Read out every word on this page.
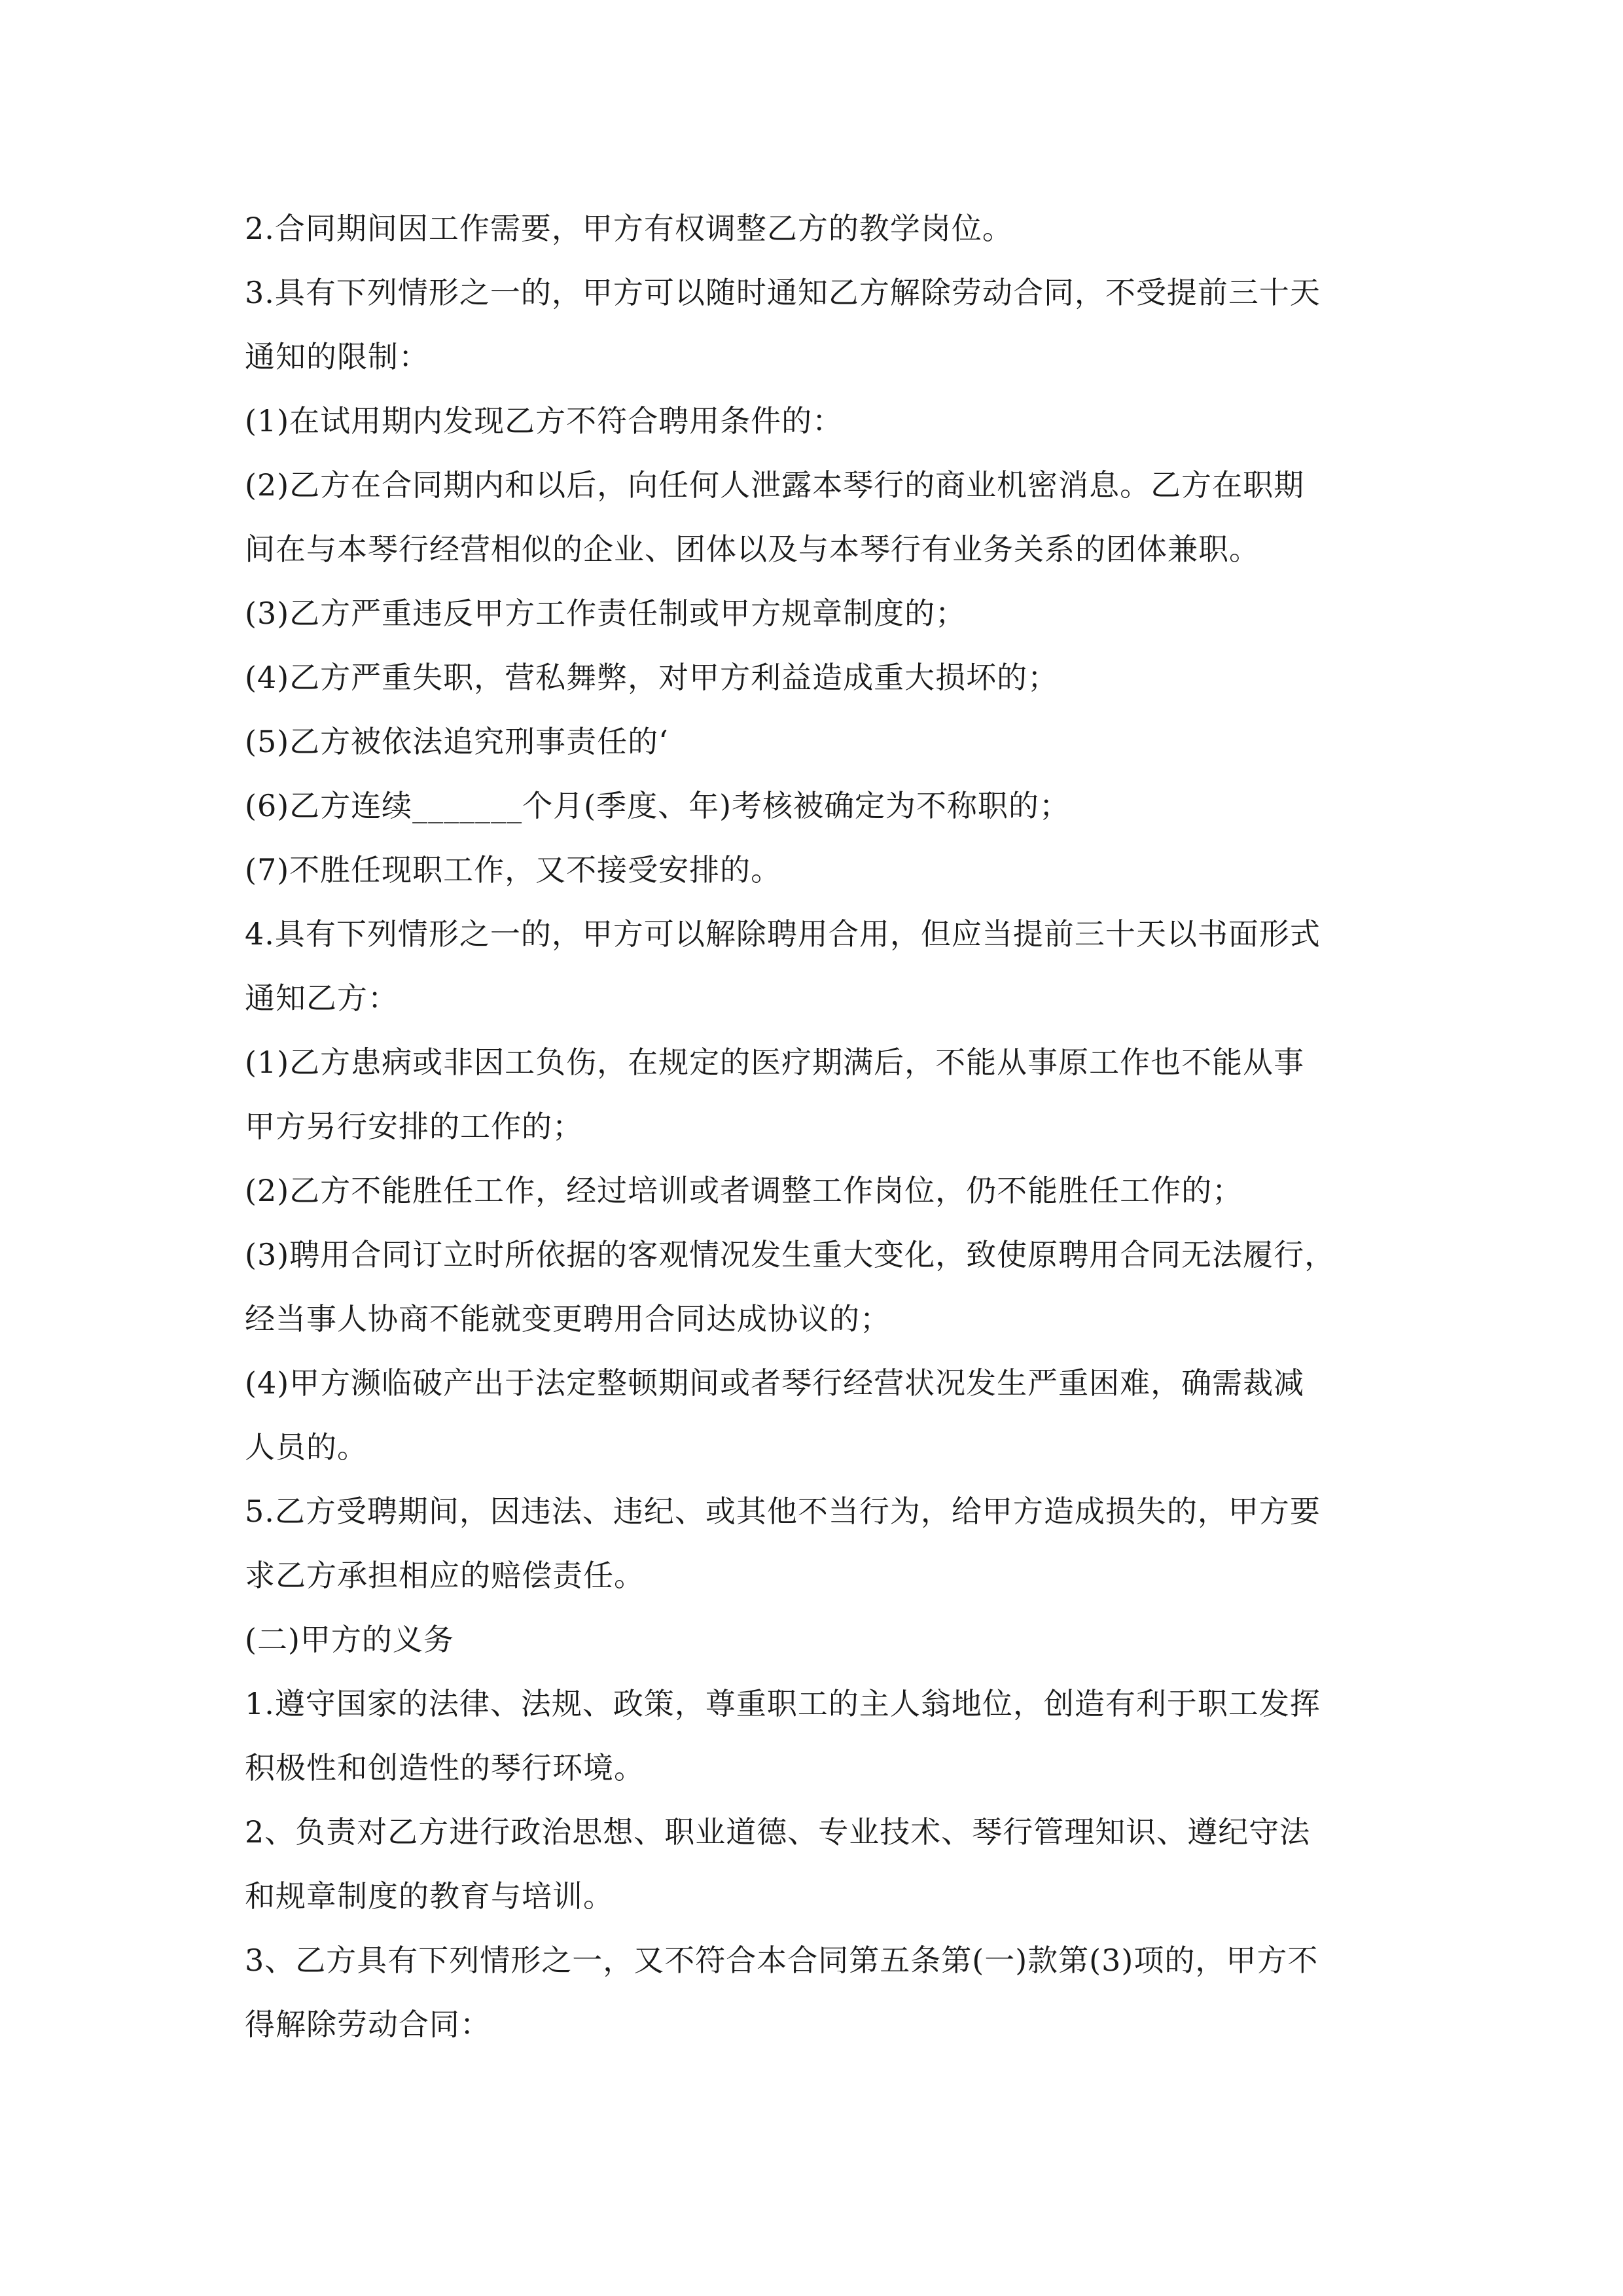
2.合同期间因工作需要，甲方有权调整乙方的教学岗位。
3.具有下列情形之一的，甲方可以随时通知乙方解除劳动合同，不受提前三十天
通知的限制：
(1)在试用期内发现乙方不符合聘用条件的：
(2)乙方在合同期内和以后，向任何人泄露本琴行的商业机密消息。乙方在职期
间在与本琴行经营相似的企业、团体以及与本琴行有业务关系的团体兼职。
(3)乙方严重违反甲方工作责任制或甲方规章制度的；
(4)乙方严重失职，营私舞弊，对甲方利益造成重大损坏的；
(5)乙方被依法追究刑事责任的‘
(6)乙方连续_______个月(季度、年)考核被确定为不称职的；
(7)不胜任现职工作，又不接受安排的。
4.具有下列情形之一的，甲方可以解除聘用合用，但应当提前三十天以书面形式
通知乙方：
(1)乙方患病或非因工负伤，在规定的医疗期满后，不能从事原工作也不能从事
甲方另行安排的工作的；
(2)乙方不能胜任工作，经过培训或者调整工作岗位，仍不能胜任工作的；
(3)聘用合同订立时所依据的客观情况发生重大变化，致使原聘用合同无法履行，
经当事人协商不能就变更聘用合同达成协议的；
(4)甲方濒临破产出于法定整顿期间或者琴行经营状况发生严重困难，确需裁减
人员的。
5.乙方受聘期间，因违法、违纪、或其他不当行为，给甲方造成损失的，甲方要
求乙方承担相应的赔偿责任。
(二)甲方的义务
1.遵守国家的法律、法规、政策，尊重职工的主人翁地位，创造有利于职工发挥
积极性和创造性的琴行环境。
2、负责对乙方进行政治思想、职业道德、专业技术、琴行管理知识、遵纪守法
和规章制度的教育与培训。
3、乙方具有下列情形之一，又不符合本合同第五条第(一)款第(3)项的，甲方不
得解除劳动合同：
